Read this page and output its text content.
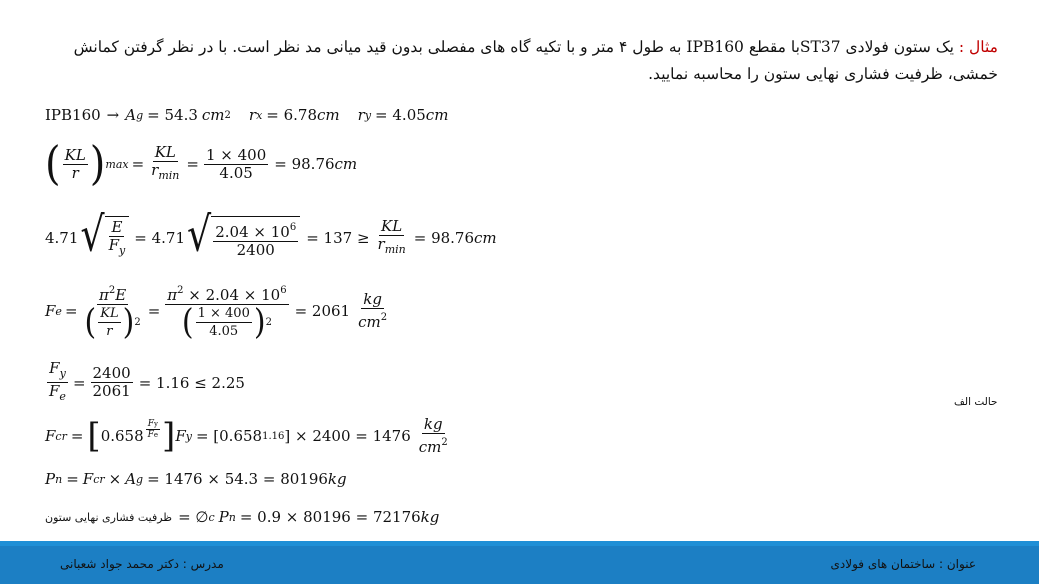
مثال : یک ستون فولادی ST37با مقطع IPB160 به طول ۴ متر و با تکیه گاه های مفصلی بدون قید میانی مد نظر است. با در نظر گرفتن کمانش خمشی، ظرفیت فشاری نهایی ستون را محاسبه نمایید.
IPB160 → A g = 54.3 cm 2 r x = 6.78 cm r y = 4.05 cm
( $\frac{KL}{r}$ ) $\max = \frac{KL}{r_{min}} = \frac{1 \times 400}{4.05} = 98.76$ cm
4.71 √ $\frac{E}{F_y} = 4.71$ √ $\frac{2.04 \times 10^6}{2400} = 137 \ge \frac{KL}{r_{min}} = 98.76$ cm
F $e = \frac{\pi^2E}{( \frac{KL}{r} ) 2} = \frac{\pi^2 \times 2.04 \times 10^6}{( \frac{1 \times 400}{4.05} ) 2} = 2061 \frac{kg}{cm^2}$
$\frac{F_y}{F_e} = \frac{2400}{2061} = 1.16 \le 2.25$
حالت الف
F cr = [ $0.658 \frac{Fy}{Fe}$ ] F y = [0.658 1.16 ] × $2400 = 1476 \frac{kg}{cm^2}$
P n = F cr × A g = 1476 × 54.3 = 80196 kg
ظرفیت فشاری نهایی ستون = ∅ c P n = 0.9 × 80196 = 72176 kg
مدرس : دکتر محمد جواد شعبانی	عنوان : ساختمان های فولادی
